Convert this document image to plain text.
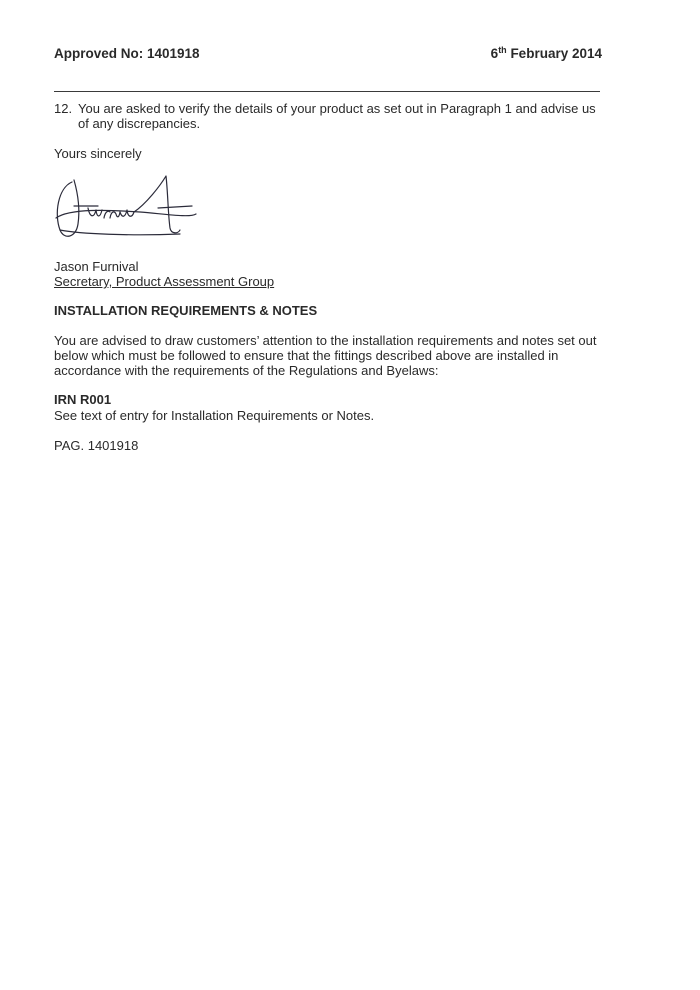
Approved No: 1401918	6th February 2014
12. You are asked to verify the details of your product as set out in Paragraph 1 and advise us
of any discrepancies.
Yours sincerely
Jason Furnival
Secretary, Product Assessment Group
INSTALLATION REQUIREMENTS & NOTES
You are advised to draw customers’ attention to the installation requirements and notes set out
below which must be followed to ensure that the fittings described above are installed in
accordance with the requirements of the Regulations and Byelaws:
IRN R001
See text of entry for Installation Requirements or Notes.
PAG. 1401918
